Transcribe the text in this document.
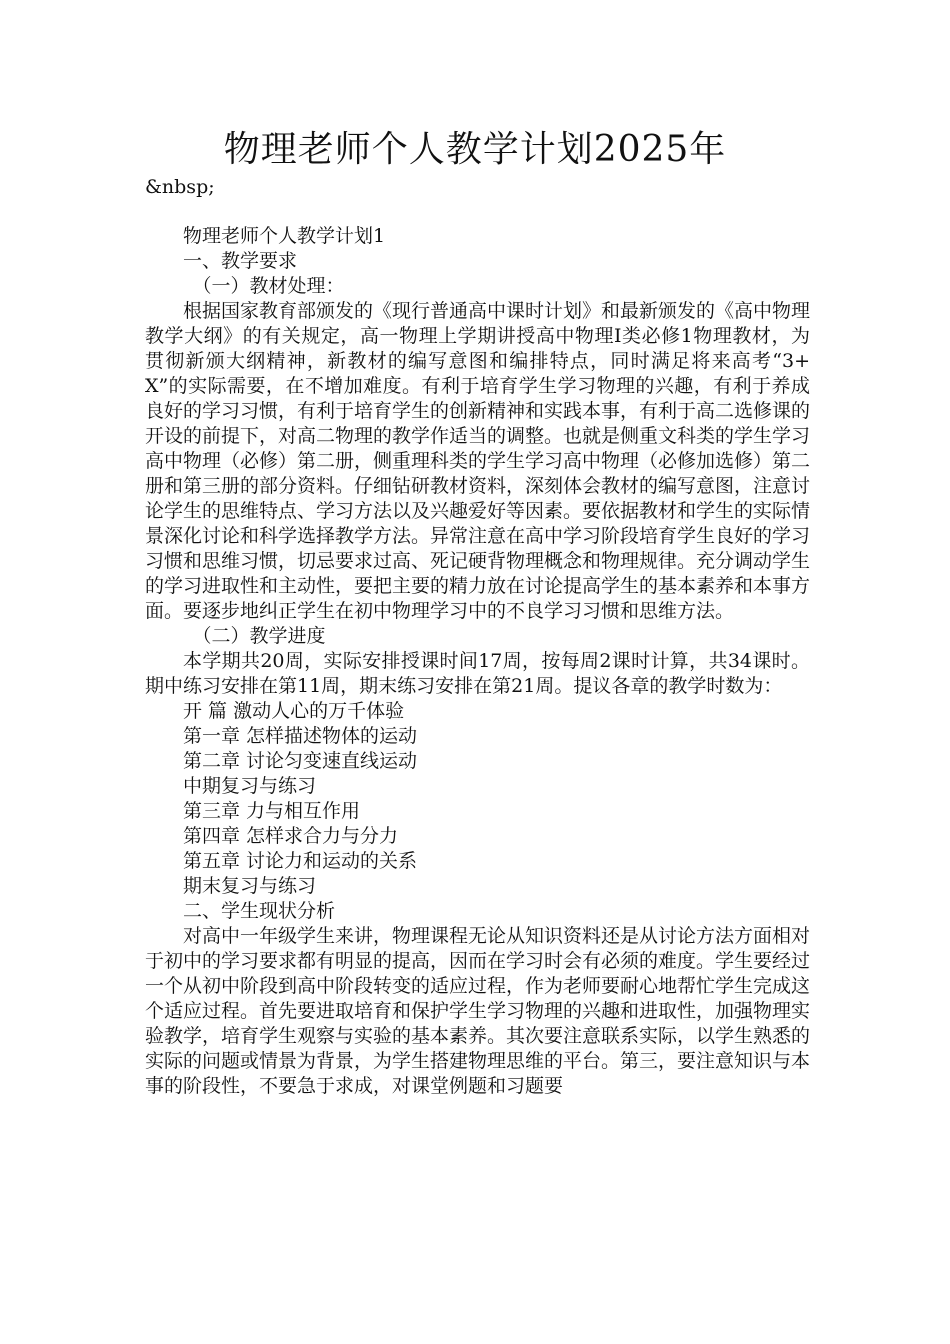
物理老师个人教学计划2025年

&nbsp;

物理老师个人教学计划1

一、教学要求

（一）教材处理：

根据国家教育部颁发的《现行普通高中课时计划》和最新颁发的《高中物理教学大纲》的有关规定，高一物理上学期讲授高中物理Ⅰ类必修1物理教材，为贯彻新颁大纲精神，新教材的编写意图和编排特点，同时满足将来高考“3+X”的实际需要，在不增加难度。有利于培育学生学习物理的兴趣，有利于养成良好的学习习惯，有利于培育学生的创新精神和实践本事，有利于高二选修课的开设的前提下，对高二物理的教学作适当的调整。也就是侧重文科类的学生学习高中物理（必修）第二册，侧重理科类的学生学习高中物理（必修加选修）第二册和第三册的部分资料。仔细钻研教材资料，深刻体会教材的编写意图，注意讨论学生的思维特点、学习方法以及兴趣爱好等因素。要依据教材和学生的实际情景深化讨论和科学选择教学方法。异常注意在高中学习阶段培育学生良好的学习习惯和思维习惯，切忌要求过高、死记硬背物理概念和物理规律。充分调动学生的学习进取性和主动性，要把主要的精力放在讨论提高学生的基本素养和本事方面。要逐步地纠正学生在初中物理学习中的不良学习习惯和思维方法。

（二）教学进度

本学期共20周，实际安排授课时间17周，按每周2课时计算，共34课时。期中练习安排在第11周，期末练习安排在第21周。提议各章的教学时数为：

开 篇 激动人心的万千体验

第一章 怎样描述物体的运动

第二章 讨论匀变速直线运动

中期复习与练习

第三章 力与相互作用

第四章 怎样求合力与分力

第五章 讨论力和运动的关系

期末复习与练习

二、学生现状分析

对高中一年级学生来讲，物理课程无论从知识资料还是从讨论方法方面相对于初中的学习要求都有明显的提高，因而在学习时会有必须的难度。学生要经过一个从初中阶段到高中阶段转变的适应过程，作为老师要耐心地帮忙学生完成这个适应过程。首先要进取培育和保护学生学习物理的兴趣和进取性，加强物理实验教学，培育学生观察与实验的基本素养。其次要注意联系实际，以学生熟悉的实际的问题或情景为背景，为学生搭建物理思维的平台。第三，要注意知识与本事的阶段性，不要急于求成，对课堂例题和习题要
